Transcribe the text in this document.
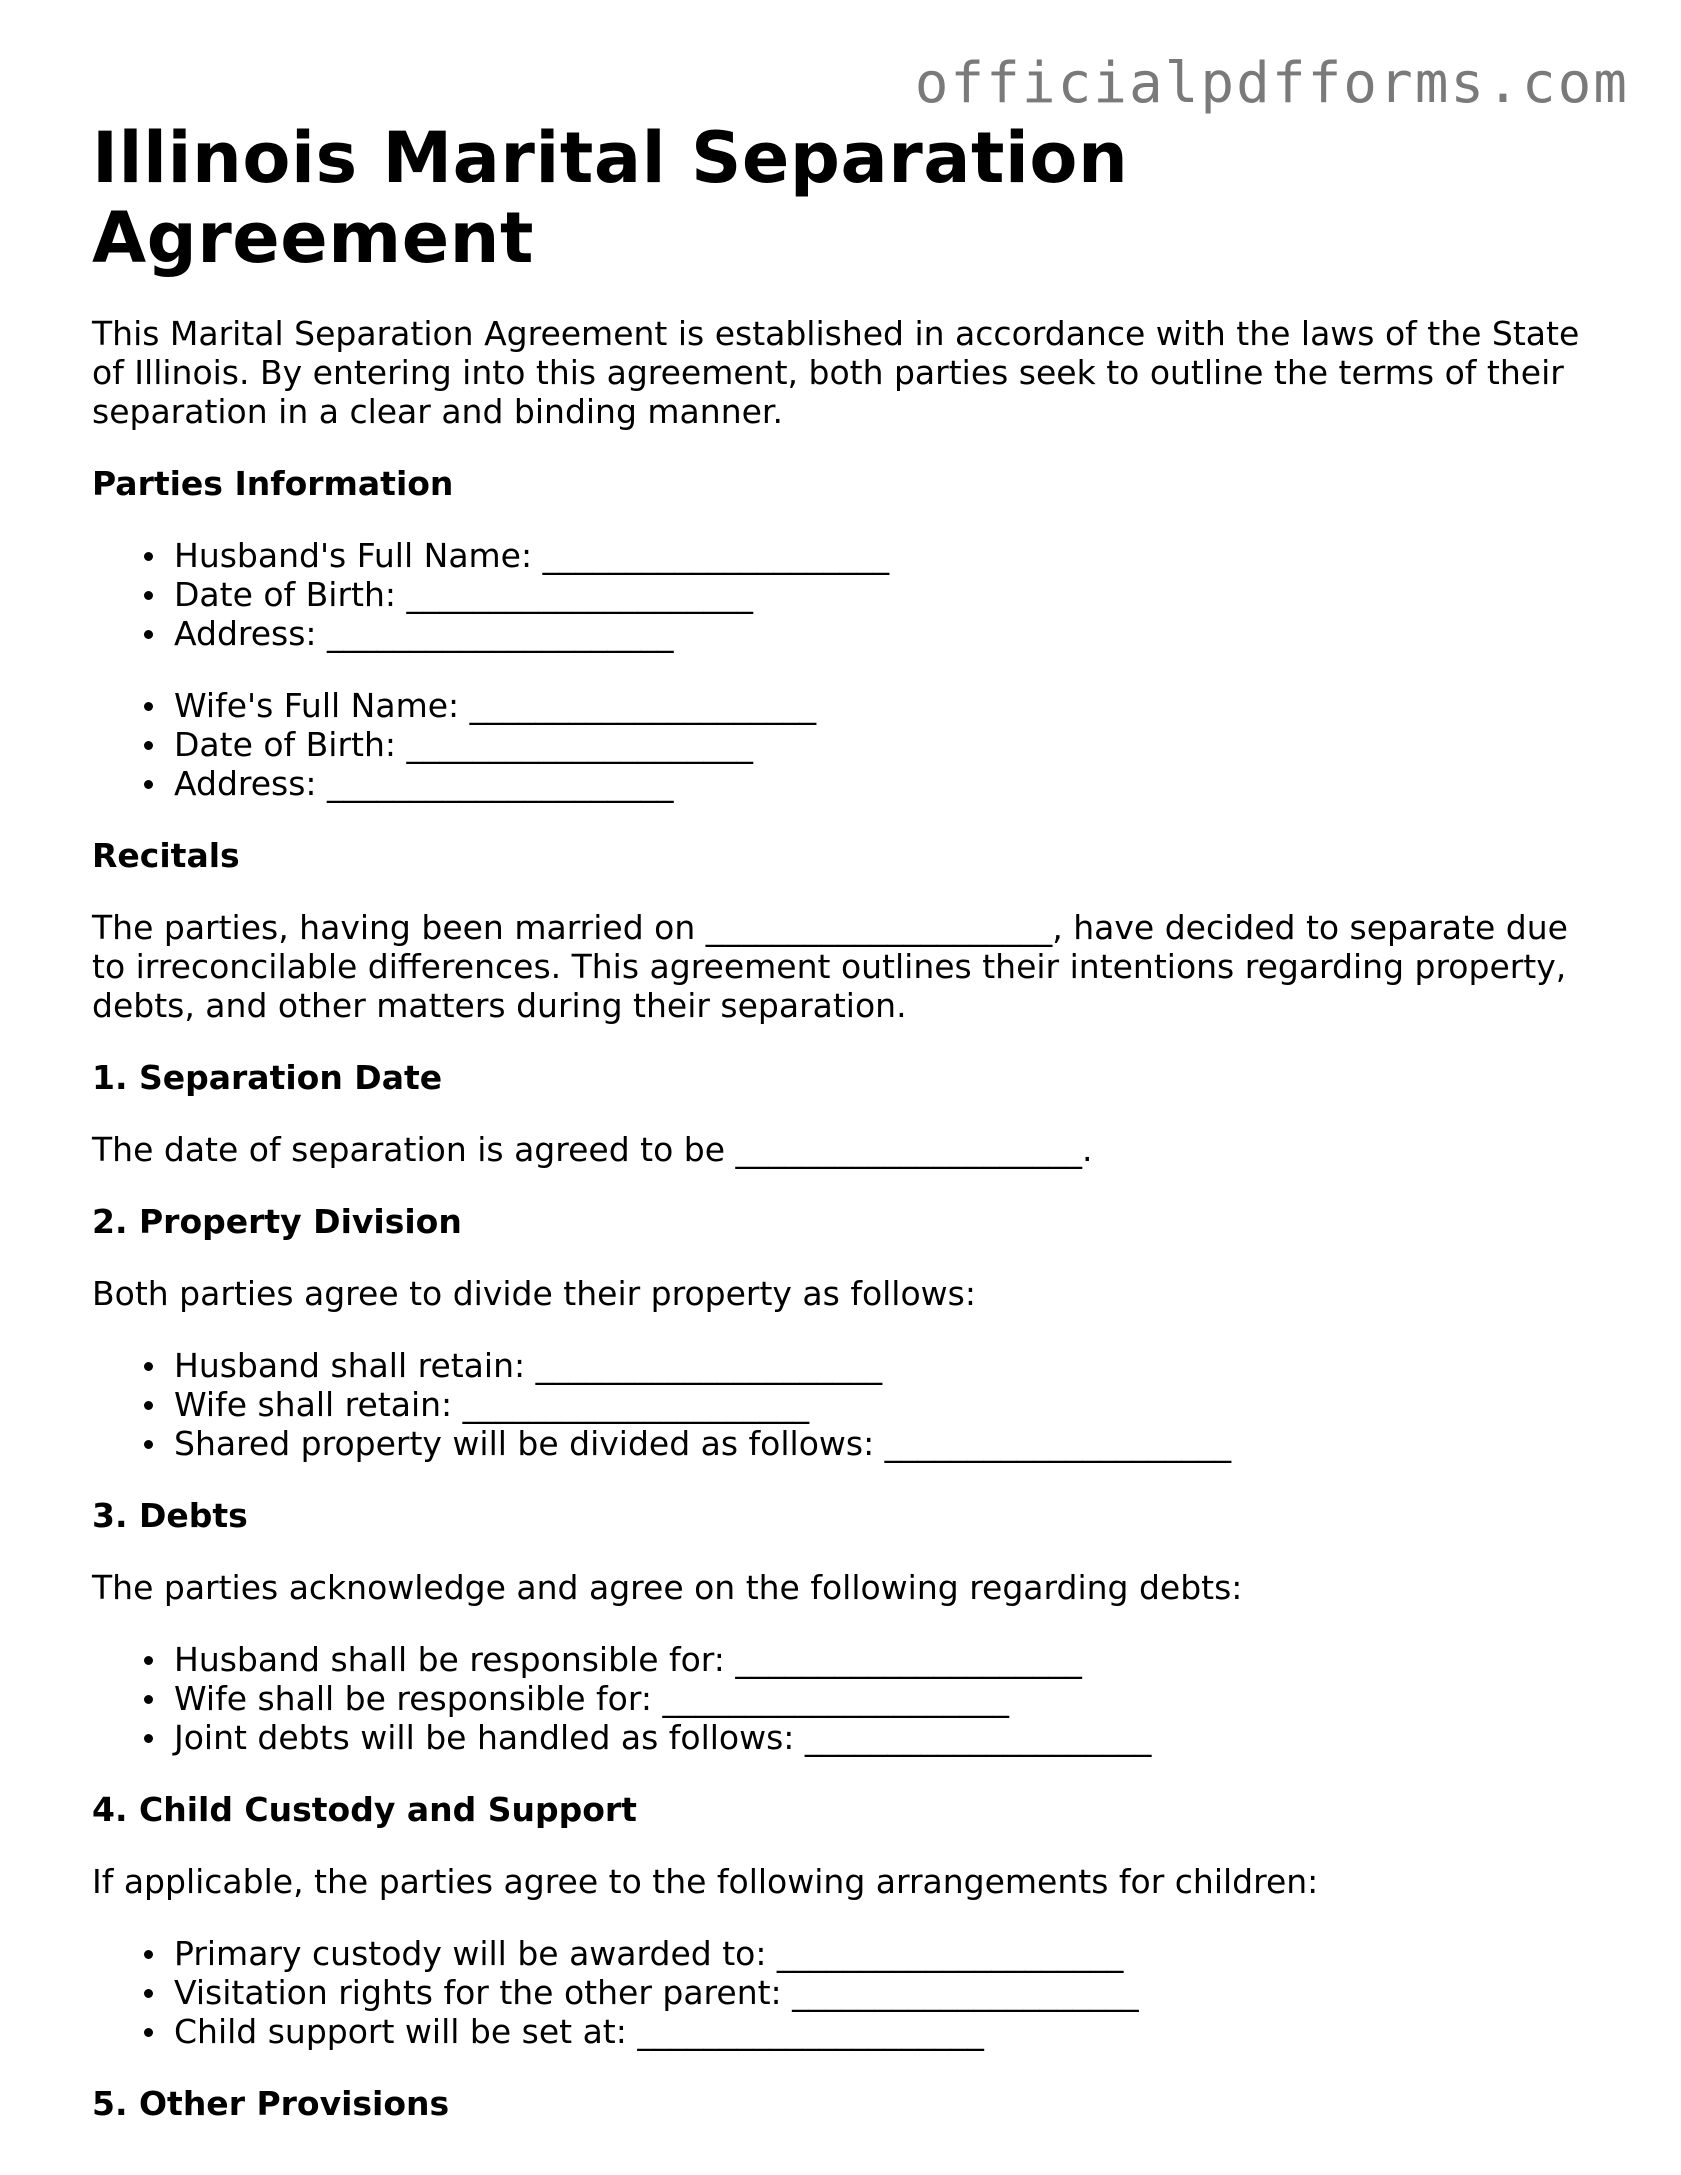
officialpdfforms.com
Illinois Marital Separation Agreement

This Marital Separation Agreement is established in accordance with the laws of the State of Illinois. By entering into this agreement, both parties seek to outline the terms of their separation in a clear and binding manner.

Parties Information
Husband's Full Name: _____________________
Date of Birth: _____________________
Address: _____________________
Wife's Full Name: _____________________
Date of Birth: _____________________
Address: _____________________
Recitals

The parties, having been married on _____________________, have decided to separate due to irreconcilable differences. This agreement outlines their intentions regarding property, debts, and other matters during their separation.

1. Separation Date

The date of separation is agreed to be _____________________.

2. Property Division

Both parties agree to divide their property as follows:

Husband shall retain: _____________________
Wife shall retain: _____________________
Shared property will be divided as follows: _____________________
3. Debts

The parties acknowledge and agree on the following regarding debts:

Husband shall be responsible for: _____________________
Wife shall be responsible for: _____________________
Joint debts will be handled as follows: _____________________
4. Child Custody and Support

If applicable, the parties agree to the following arrangements for children:

Primary custody will be awarded to: _____________________
Visitation rights for the other parent: _____________________
Child support will be set at: _____________________
5. Other Provisions
